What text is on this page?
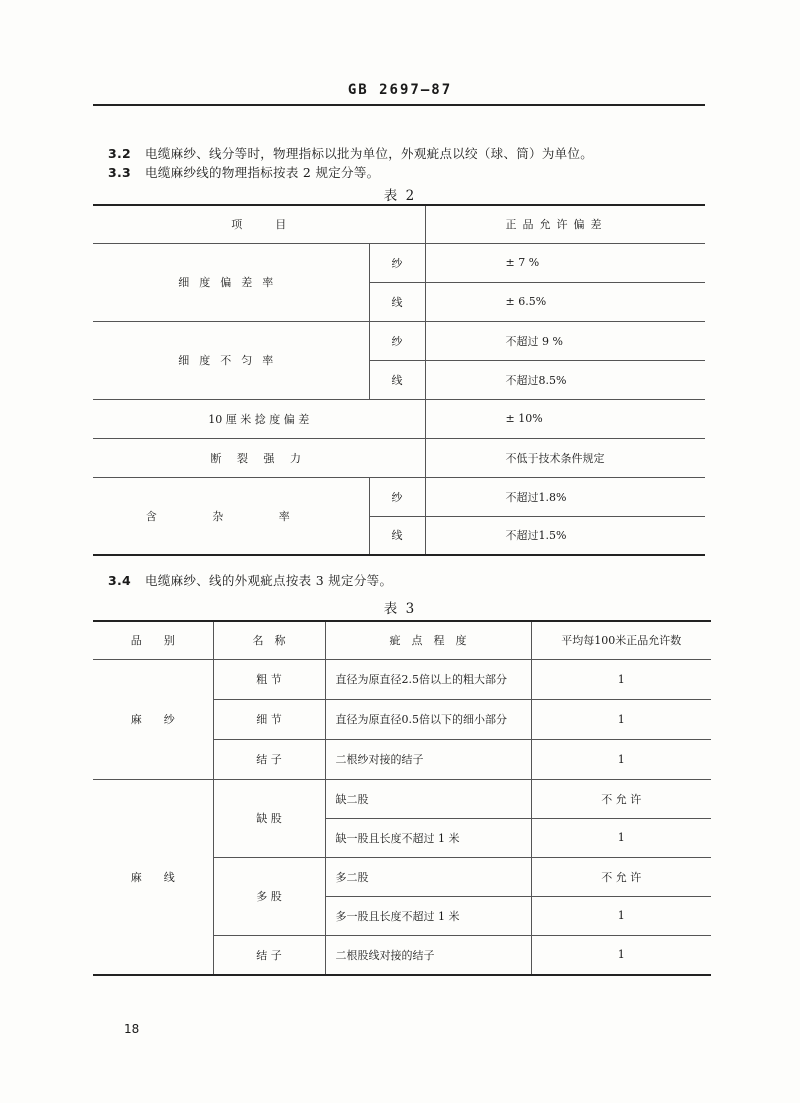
GB 2697—87
3.2 电缆麻纱、线分等时，物理指标以批为单位，外观疵点以绞（球、筒）为单位。
3.3 电缆麻纱线的物理指标按表 2 规定分等。
表 2
项　　　目		正品允许偏差
细度偏差率	纱	± 7 %
	线	± 6.5%
细度不匀率	纱	不超过 9 %
	线	不超过8.5%
10 厘 米 捻 度 偏 差		± 10%
断 裂 强 力		不低于技术条件规定
含 杂 率	纱	不超过1.8%
	线	不超过1.5%
3.4 电缆麻纱、线的外观疵点按表 3 规定分等。
表 3
品　　别	名　称	疵　点　程　度	平均每100米正品允许数
麻　　纱	粗 节	直径为原直径2.5倍以上的粗大部分	1
	细 节	直径为原直径0.5倍以下的细小部分	1
	结 子	二根纱对接的结子	1
麻　　线	缺 股	缺二股	不 允 许
		缺一股且长度不超过 1 米	1
	多 股	多二股	不 允 许
		多一股且长度不超过 1 米	1
	结 子	二根股线对接的结子	1
18
